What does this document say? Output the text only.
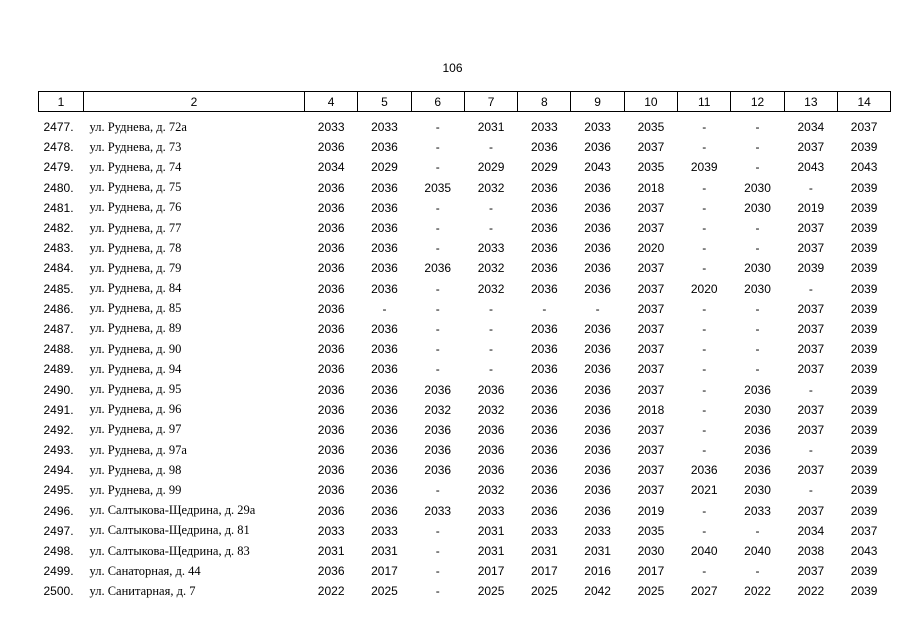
106
1	2	4	5	6	7	8	9	10	11	12	13	14
2477.	ул. Руднева, д. 72а	2033	2033	-	2031	2033	2033	2035	-	-	2034	2037
2478.	ул. Руднева, д. 73	2036	2036	-	-	2036	2036	2037	-	-	2037	2039
2479.	ул. Руднева, д. 74	2034	2029	-	2029	2029	2043	2035	2039	-	2043	2043
2480.	ул. Руднева, д. 75	2036	2036	2035	2032	2036	2036	2018	-	2030	-	2039
2481.	ул. Руднева, д. 76	2036	2036	-	-	2036	2036	2037	-	2030	2019	2039
2482.	ул. Руднева, д. 77	2036	2036	-	-	2036	2036	2037	-	-	2037	2039
2483.	ул. Руднева, д. 78	2036	2036	-	2033	2036	2036	2020	-	-	2037	2039
2484.	ул. Руднева, д. 79	2036	2036	2036	2032	2036	2036	2037	-	2030	2039	2039
2485.	ул. Руднева, д. 84	2036	2036	-	2032	2036	2036	2037	2020	2030	-	2039
2486.	ул. Руднева, д. 85	2036	-	-	-	-	-	2037	-	-	2037	2039
2487.	ул. Руднева, д. 89	2036	2036	-	-	2036	2036	2037	-	-	2037	2039
2488.	ул. Руднева, д. 90	2036	2036	-	-	2036	2036	2037	-	-	2037	2039
2489.	ул. Руднева, д. 94	2036	2036	-	-	2036	2036	2037	-	-	2037	2039
2490.	ул. Руднева, д. 95	2036	2036	2036	2036	2036	2036	2037	-	2036	-	2039
2491.	ул. Руднева, д. 96	2036	2036	2032	2032	2036	2036	2018	-	2030	2037	2039
2492.	ул. Руднева, д. 97	2036	2036	2036	2036	2036	2036	2037	-	2036	2037	2039
2493.	ул. Руднева, д. 97а	2036	2036	2036	2036	2036	2036	2037	-	2036	-	2039
2494.	ул. Руднева, д. 98	2036	2036	2036	2036	2036	2036	2037	2036	2036	2037	2039
2495.	ул. Руднева, д. 99	2036	2036	-	2032	2036	2036	2037	2021	2030	-	2039
2496.	ул. Салтыкова-Щедрина, д. 29а	2036	2036	2033	2033	2036	2036	2019	-	2033	2037	2039
2497.	ул. Салтыкова-Щедрина, д. 81	2033	2033	-	2031	2033	2033	2035	-	-	2034	2037
2498.	ул. Салтыкова-Щедрина, д. 83	2031	2031	-	2031	2031	2031	2030	2040	2040	2038	2043
2499.	ул. Санаторная, д. 44	2036	2017	-	2017	2017	2016	2017	-	-	2037	2039
2500.	ул. Санитарная, д. 7	2022	2025	-	2025	2025	2042	2025	2027	2022	2022	2039
